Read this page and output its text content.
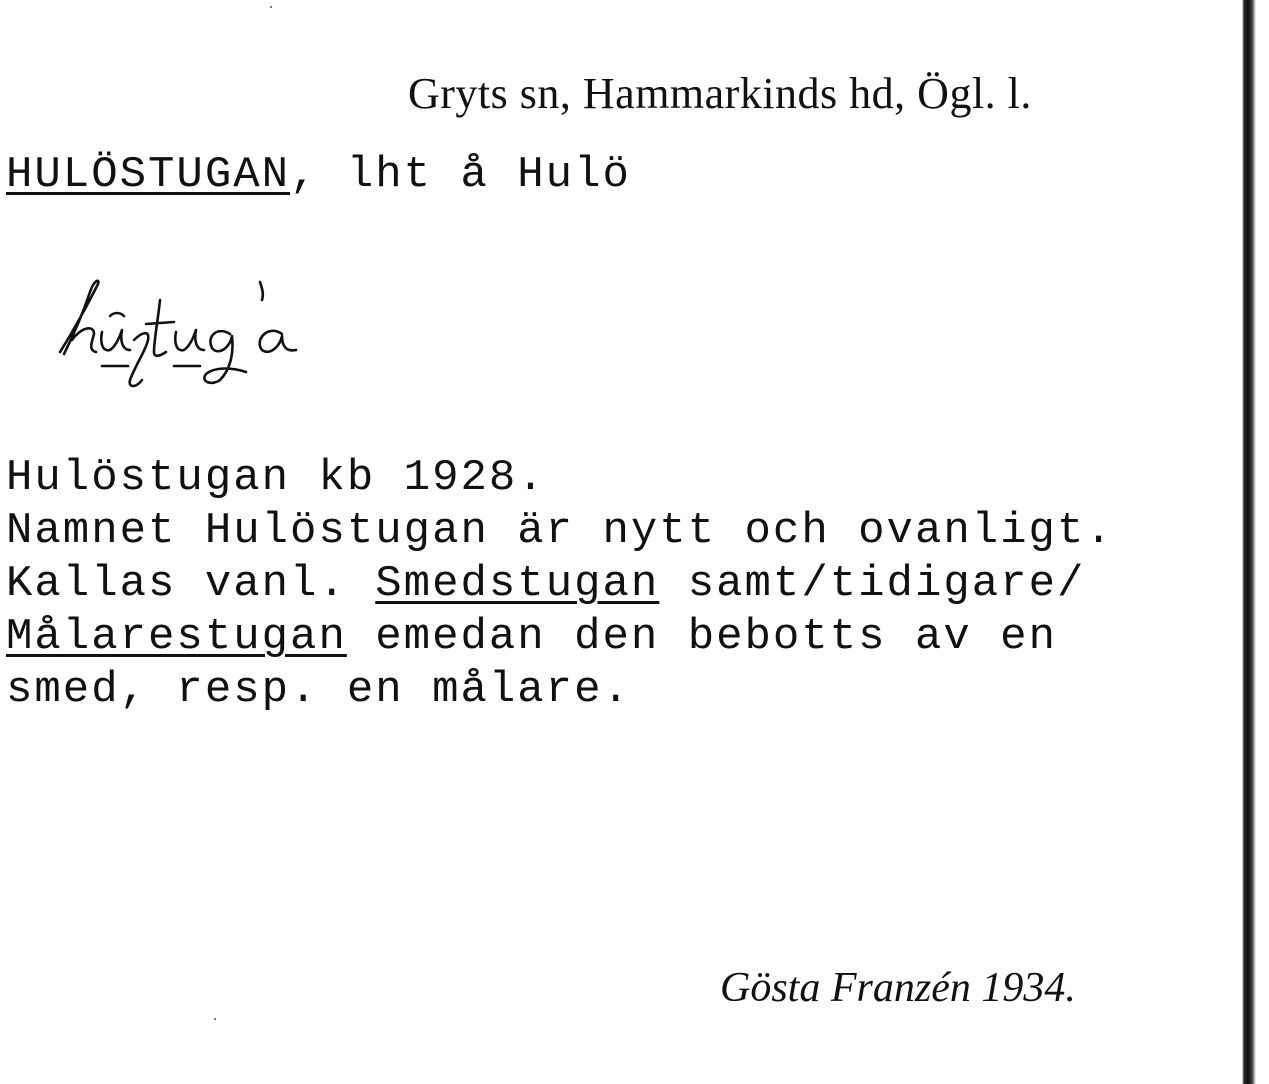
Gryts sn, Hammarkinds hd, Ögl. l.
HULÖSTUGAN, lht å Hulö
Hulöstugan kb 1928.
Namnet Hulöstugan är nytt och ovanligt.
Kallas vanl. Smedstugan samt/tidigare/
Målarestugan emedan den bebotts av en
smed, resp. en målare.
Gösta Franzén 1934.
